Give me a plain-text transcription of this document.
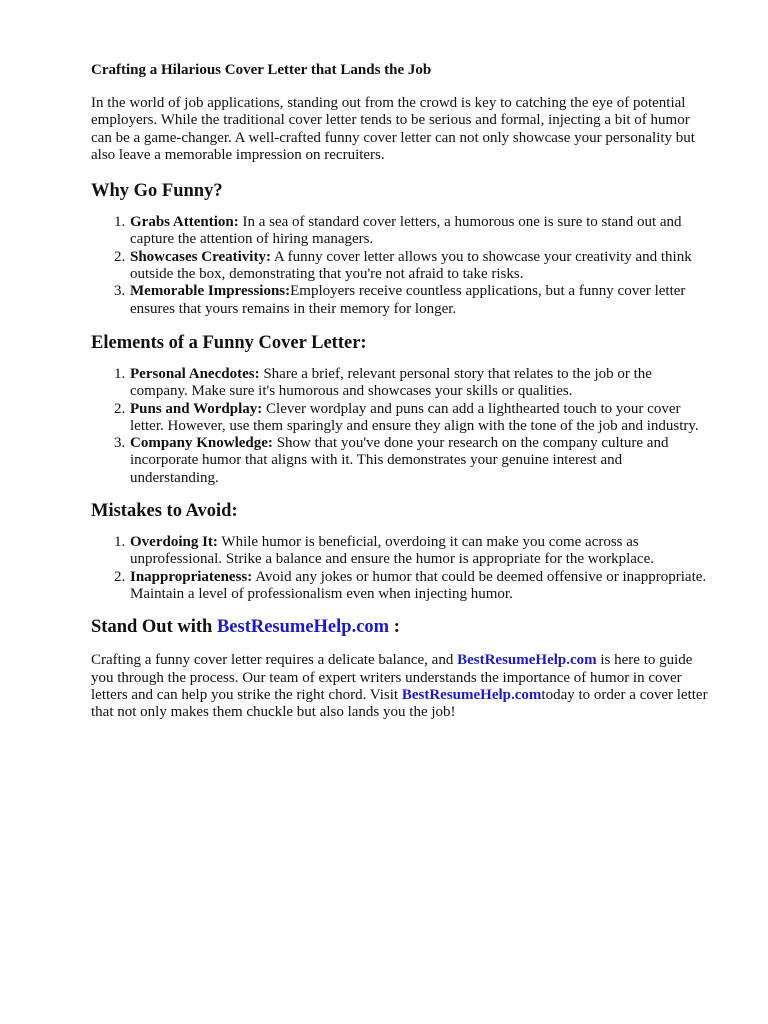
Crafting a Hilarious Cover Letter that Lands the Job

In the world of job applications, standing out from the crowd is key to catching the eye of potential employers. While the traditional cover letter tends to be serious and formal, injecting a bit of humor can be a game-changer. A well-crafted funny cover letter can not only showcase your personality but also leave a memorable impression on recruiters.

Why Go Funny?
1. Grabs Attention: In a sea of standard cover letters, a humorous one is sure to stand out and capture the attention of hiring managers.
2. Showcases Creativity: A funny cover letter allows you to showcase your creativity and think outside the box, demonstrating that you're not afraid to take risks.
3. Memorable Impressions:Employers receive countless applications, but a funny cover letter ensures that yours remains in their memory for longer.
Elements of a Funny Cover Letter:
1. Personal Anecdotes: Share a brief, relevant personal story that relates to the job or the company. Make sure it's humorous and showcases your skills or qualities.
2. Puns and Wordplay: Clever wordplay and puns can add a lighthearted touch to your cover letter. However, use them sparingly and ensure they align with the tone of the job and industry.
3. Company Knowledge: Show that you've done your research on the company culture and incorporate humor that aligns with it. This demonstrates your genuine interest and understanding.
Mistakes to Avoid:
1. Overdoing It: While humor is beneficial, overdoing it can make you come across as unprofessional. Strike a balance and ensure the humor is appropriate for the workplace.
2. Inappropriateness: Avoid any jokes or humor that could be deemed offensive or inappropriate. Maintain a level of professionalism even when injecting humor.
Stand Out with BestResumeHelp.com :

Crafting a funny cover letter requires a delicate balance, and BestResumeHelp.com is here to guide you through the process. Our team of expert writers understands the importance of humor in cover letters and can help you strike the right chord. Visit BestResumeHelp.comtoday to order a cover letter that not only makes them chuckle but also lands you the job!
